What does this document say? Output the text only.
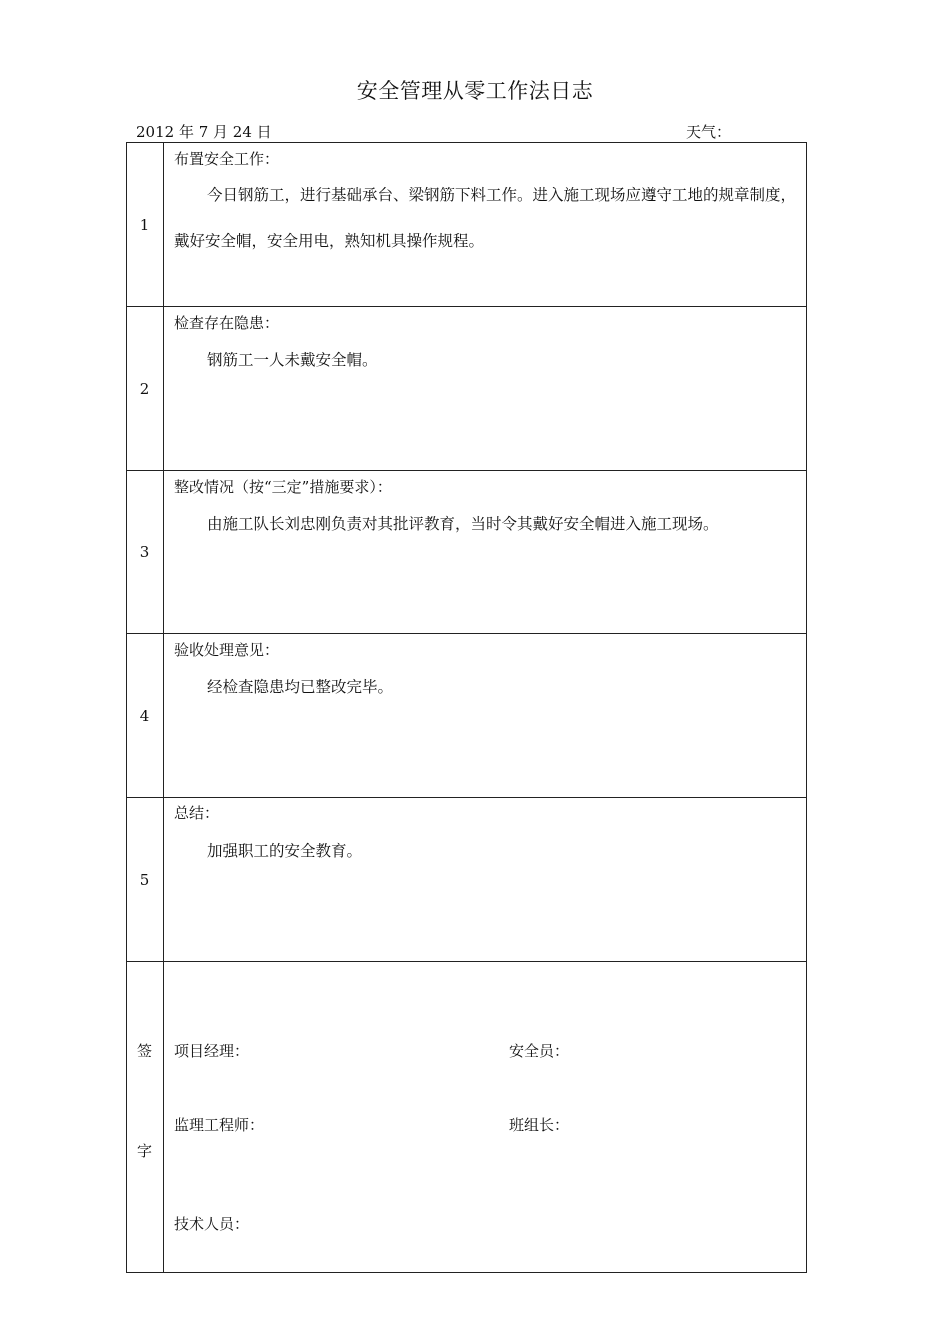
安全管理从零工作法日志
2012 年 7 月 24 日	天气：
1
布置安全工作：
今日钢筋工，进行基础承台、梁钢筋下料工作。进入施工现场应遵守工地的规章制度，戴好安全帽，安全用电，熟知机具操作规程。
2
检查存在隐患：
钢筋工一人未戴安全帽。
3
整改情况（按“三定”措施要求）：
由施工队长刘忠刚负责对其批评教育，当时令其戴好安全帽进入施工现场。
4
验收处理意见：
经检查隐患均已整改完毕。
5
总结：
加强职工的安全教育。
签
字
项目经理：	安全员：
监理工程师：	班组长：
技术人员：
